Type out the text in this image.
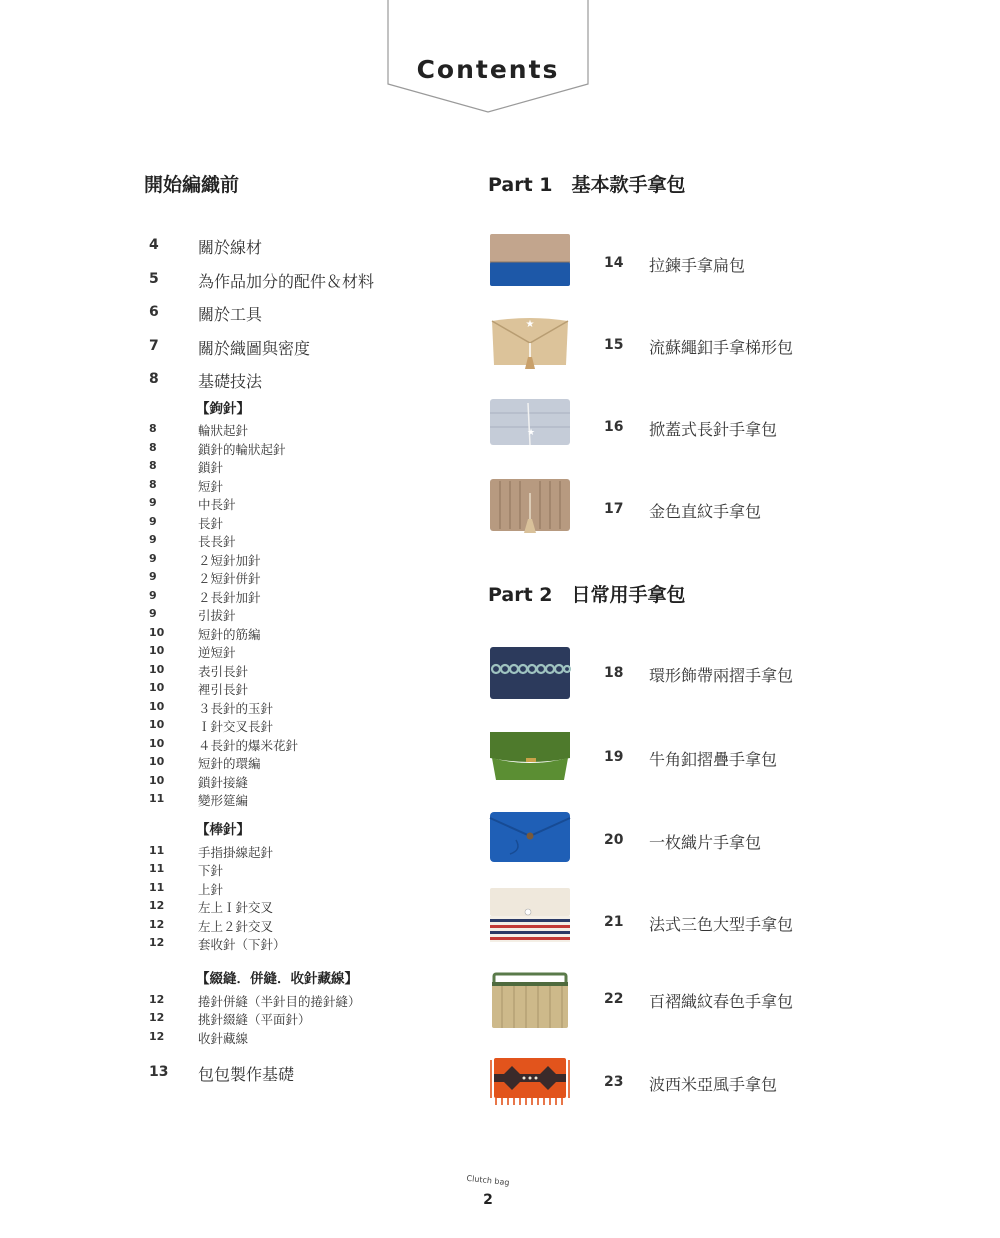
Contents
開始編織前
4 關於線材
5 為作品加分的配件＆材料
6 關於工具
7 關於織圖與密度
8 基礎技法
【鉤針】
8	輪狀起針
8	鎖針的輪狀起針
8	鎖針
8	短針
9	中長針
9	長針
9	長長針
9	２短針加針
9	２短針併針
9	２長針加針
9	引拔針
10	短針的筋編
10	逆短針
10	表引長針
10	裡引長針
10	３長針的玉針
10	Ｉ針交叉長針
10	４長針的爆米花針
10	短針的環編
10	鎖針接縫
11	變形筵編
【棒針】
11	手指掛線起針
11	下針
11	上針
12	左上Ｉ針交叉
12	左上２針交叉
12	套收針（下針）
【綴縫．併縫．收針藏線】
12	捲針併縫（半針目的捲針縫）
12	挑針綴縫（平面針）
12	收針藏線
13 包包製作基礎
Part 1　基本款手拿包
14 拉鍊手拿扁包
★
15 流蘇繩釦手拿梯形包
★	16 掀蓋式長針手拿包
17 金色直紋手拿包
Part 2　日常用手拿包
18 環形飾帶兩摺手拿包
19 牛角釦摺疊手拿包
20 一枚織片手拿包
21 法式三色大型手拿包
22 百褶織紋春色手拿包
23 波西米亞風手拿包
Clutch bag
2
